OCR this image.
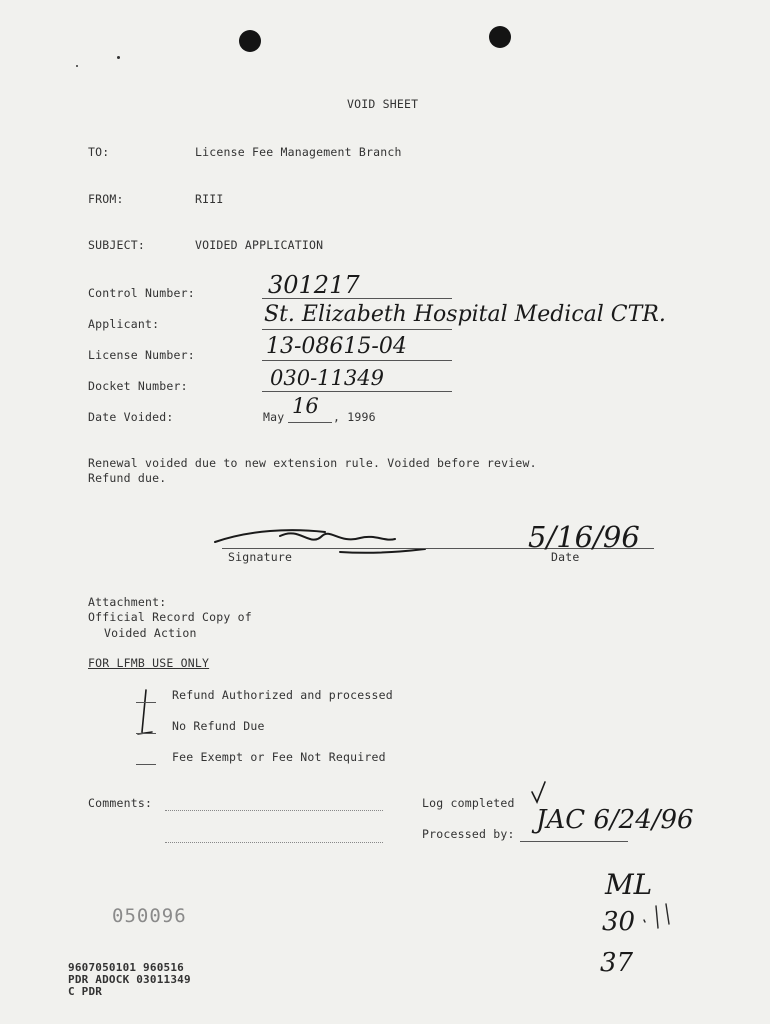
VOID SHEET
TO:	License Fee Management Branch
FROM:	RIII
SUBJECT:	VOIDED APPLICATION
Control Number:	301217
Applicant:	St. Elizabeth Hospital Medical CTR.
License Number:	13-08615-04
Docket Number:	030-11349
Date Voided:	May 16 , 1996
Renewal voided due to new extension rule. Voided before review.
Refund due.
Signature	Date
5/16/96
Attachment:
Official Record Copy of
Voided Action
FOR LFMB USE ONLY
Refund Authorized and processed
No Refund Due
Fee Exempt or Fee Not Required
Comments:	Log completed
Processed by: JAC 6/24/96
ML
30
37
050096
9607050101 960516
PDR ADOCK 03011349
C PDR
